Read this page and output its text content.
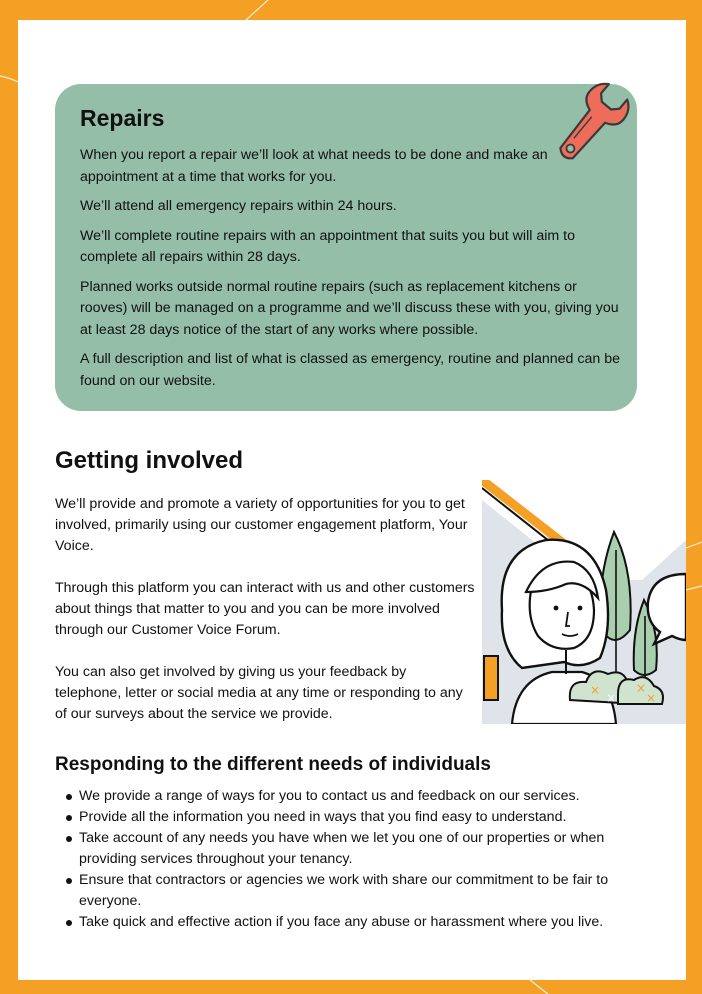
Repairs

When you report a repair we’ll look at what needs to be done and make an appointment at a time that works for you.

We’ll attend all emergency repairs within 24 hours.

We’ll complete routine repairs with an appointment that suits you but will aim to complete all repairs within 28 days.

Planned works outside normal routine repairs (such as replacement kitchens or rooves) will be managed on a programme and we’ll discuss these with you, giving you at least 28 days notice of the start of any works where possible.

A full description and list of what is classed as emergency, routine and planned can be found on our website.

Getting involved

We’ll provide and promote a variety of opportunities for you to get involved, primarily using our customer engagement platform, Your Voice.

Through this platform you can interact with us and other customers about things that matter to you and you can be more involved through our Customer Voice Forum.

You can also get involved by giving us your feedback by telephone, letter or social media at any time or responding to any of our surveys about the service we provide.

×	×
×
×
Responding to the different needs of individuals
We provide a range of ways for you to contact us and feedback on our services.
Provide all the information you need in ways that you find easy to understand.
Take account of any needs you have when we let you one of our properties or when providing services throughout your tenancy.
Ensure that contractors or agencies we work with share our commitment to be fair to everyone.
Take quick and effective action if you face any abuse or harassment where you live.
